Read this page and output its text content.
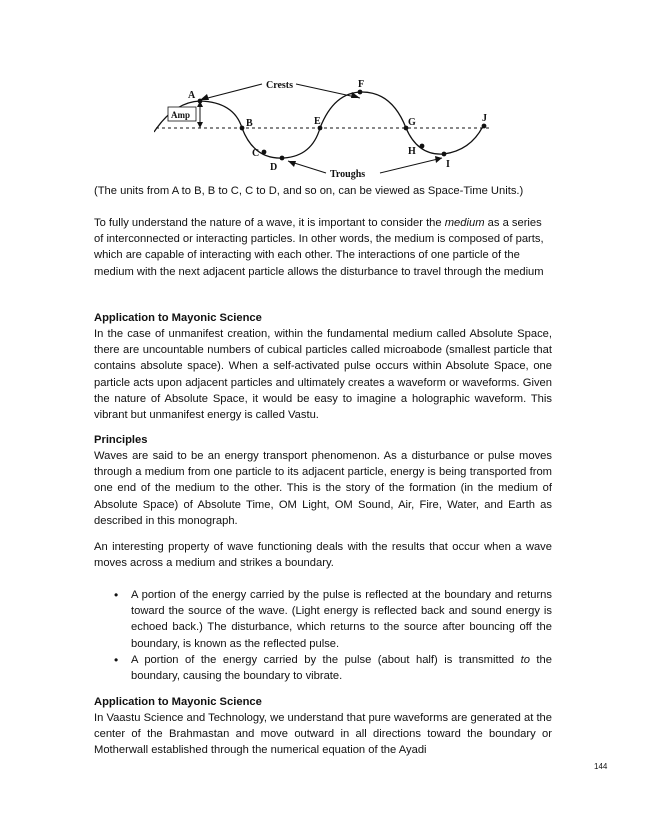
Crests
Troughs
Amp
A
B
C
D
E
F
G
H
I
J

(The units from A to B, B to C, C to D, and so on, can be viewed as Space-Time Units.)

To fully understand the nature of a wave, it is important to consider the medium as a series of interconnected or interacting particles. In other words, the medium is composed of parts, which are capable of interacting with each other. The interactions of one particle of the medium with the next adjacent particle allows the disturbance to travel through the medium

Application to Mayonic Science

In the case of unmanifest creation, within the fundamental medium called Absolute Space, there are uncountable numbers of cubical particles called microabode (smallest particle that contains absolute space). When a self-activated pulse occurs within Absolute Space, one particle acts upon adjacent particles and ultimately creates a waveform or waveforms. Given the nature of Absolute Space, it would be easy to imagine a holographic waveform. This vibrant but unmanifest energy is called Vastu.

Principles

Waves are said to be an energy transport phenomenon. As a disturbance or pulse moves through a medium from one particle to its adjacent particle, energy is being transported from one end of the medium to the other. This is the story of the formation (in the medium of Absolute Space) of Absolute Time, OM Light, OM Sound, Air, Fire, Water, and Earth as described in this monograph.

An interesting property of wave functioning deals with the results that occur when a wave moves across a medium and strikes a boundary.

• A portion of the energy carried by the pulse is reflected at the boundary and returns toward the source of the wave. (Light energy is reflected back and sound energy is echoed back.) The disturbance, which returns to the source after bouncing off the boundary, is known as the reflected pulse.
• A portion of the energy carried by the pulse (about half) is transmitted to the boundary, causing the boundary to vibrate.
Application to Mayonic Science

In Vaastu Science and Technology, we understand that pure waveforms are generated at the center of the Brahmastan and move outward in all directions toward the boundary or Motherwall established through the numerical equation of the Ayadi

144
